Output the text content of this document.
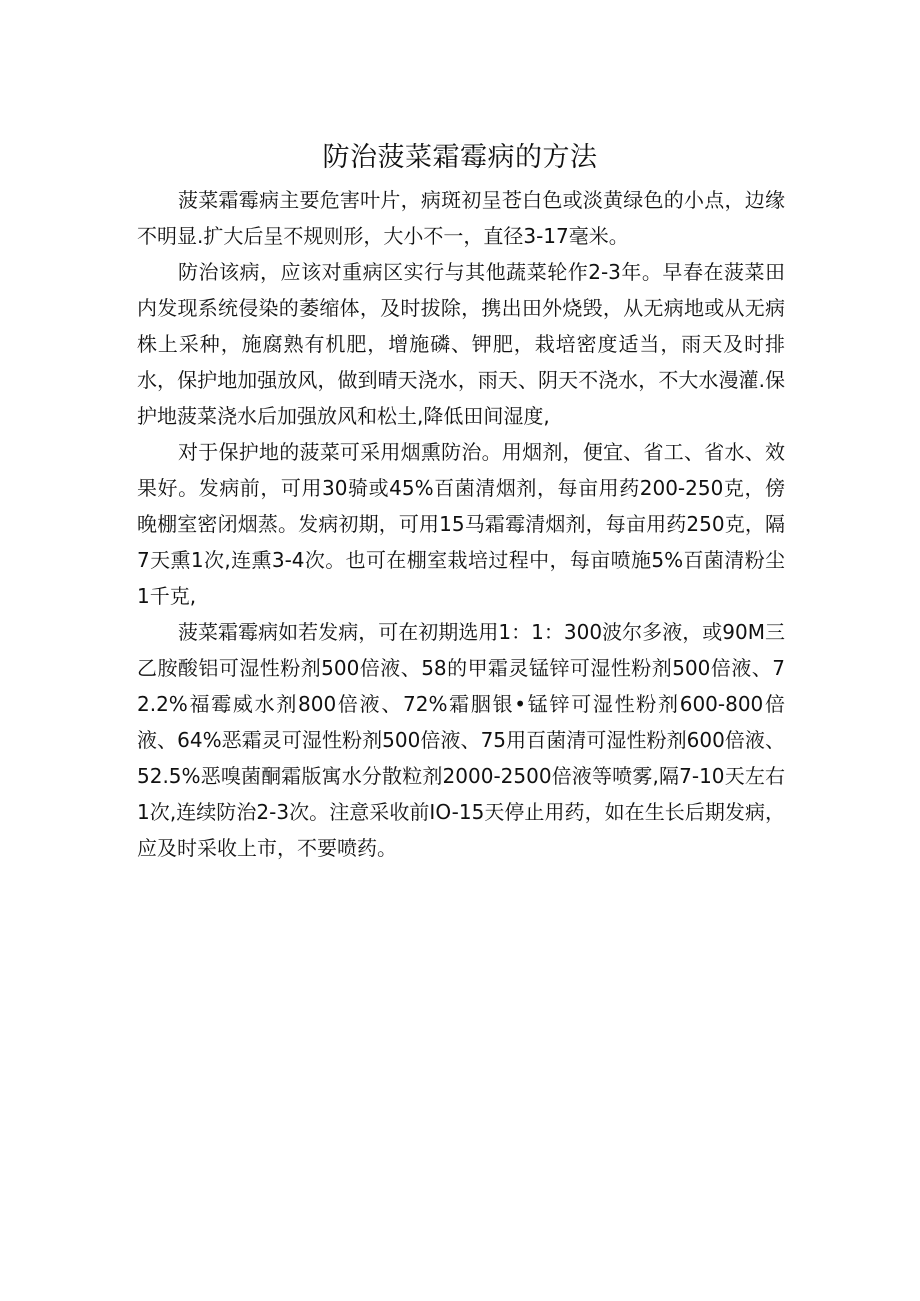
防治菠菜霜霉病的方法

菠菜霜霉病主要危害叶片，病斑初呈苍白色或淡黄绿色的小点，边缘不明显.扩大后呈不规则形，大小不一，直径3-17毫米。

防治该病，应该对重病区实行与其他蔬菜轮作2-3年。早春在菠菜田内发现系统侵染的萎缩体，及时拔除，携出田外烧毁，从无病地或从无病株上采种，施腐熟有机肥，增施磷、钾肥，栽培密度适当，雨天及时排水，保护地加强放风，做到晴天浇水，雨天、阴天不浇水，不大水漫灌.保护地菠菜浇水后加强放风和松土,降低田间湿度,

对于保护地的菠菜可采用烟熏防治。用烟剂，便宜、省工、省水、效果好。发病前，可用30骑或45%百菌清烟剂，每亩用药200-250克，傍晚棚室密闭烟蒸。发病初期，可用15马霜霉清烟剂，每亩用药250克，隔7天熏1次,连熏3-4次。也可在棚室栽培过程中，每亩喷施5%百菌清粉尘1千克,

菠菜霜霉病如若发病，可在初期选用1：1：300波尔多液，或90M三乙胺酸铝可湿性粉剂500倍液、58的甲霜灵锰锌可湿性粉剂500倍液、72.2%福霉威水剂800倍液、72%霜胭银•锰锌可湿性粉剂600-800倍液、64%恶霜灵可湿性粉剂500倍液、75用百菌清可湿性粉剂600倍液、52.5%恶嗅菌酮霜版寓水分散粒剂2000-2500倍液等喷雾,隔7-10天左右1次,连续防治2-3次。注意采收前IO-15天停止用药，如在生长后期发病，应及时采收上市，不要喷药。
